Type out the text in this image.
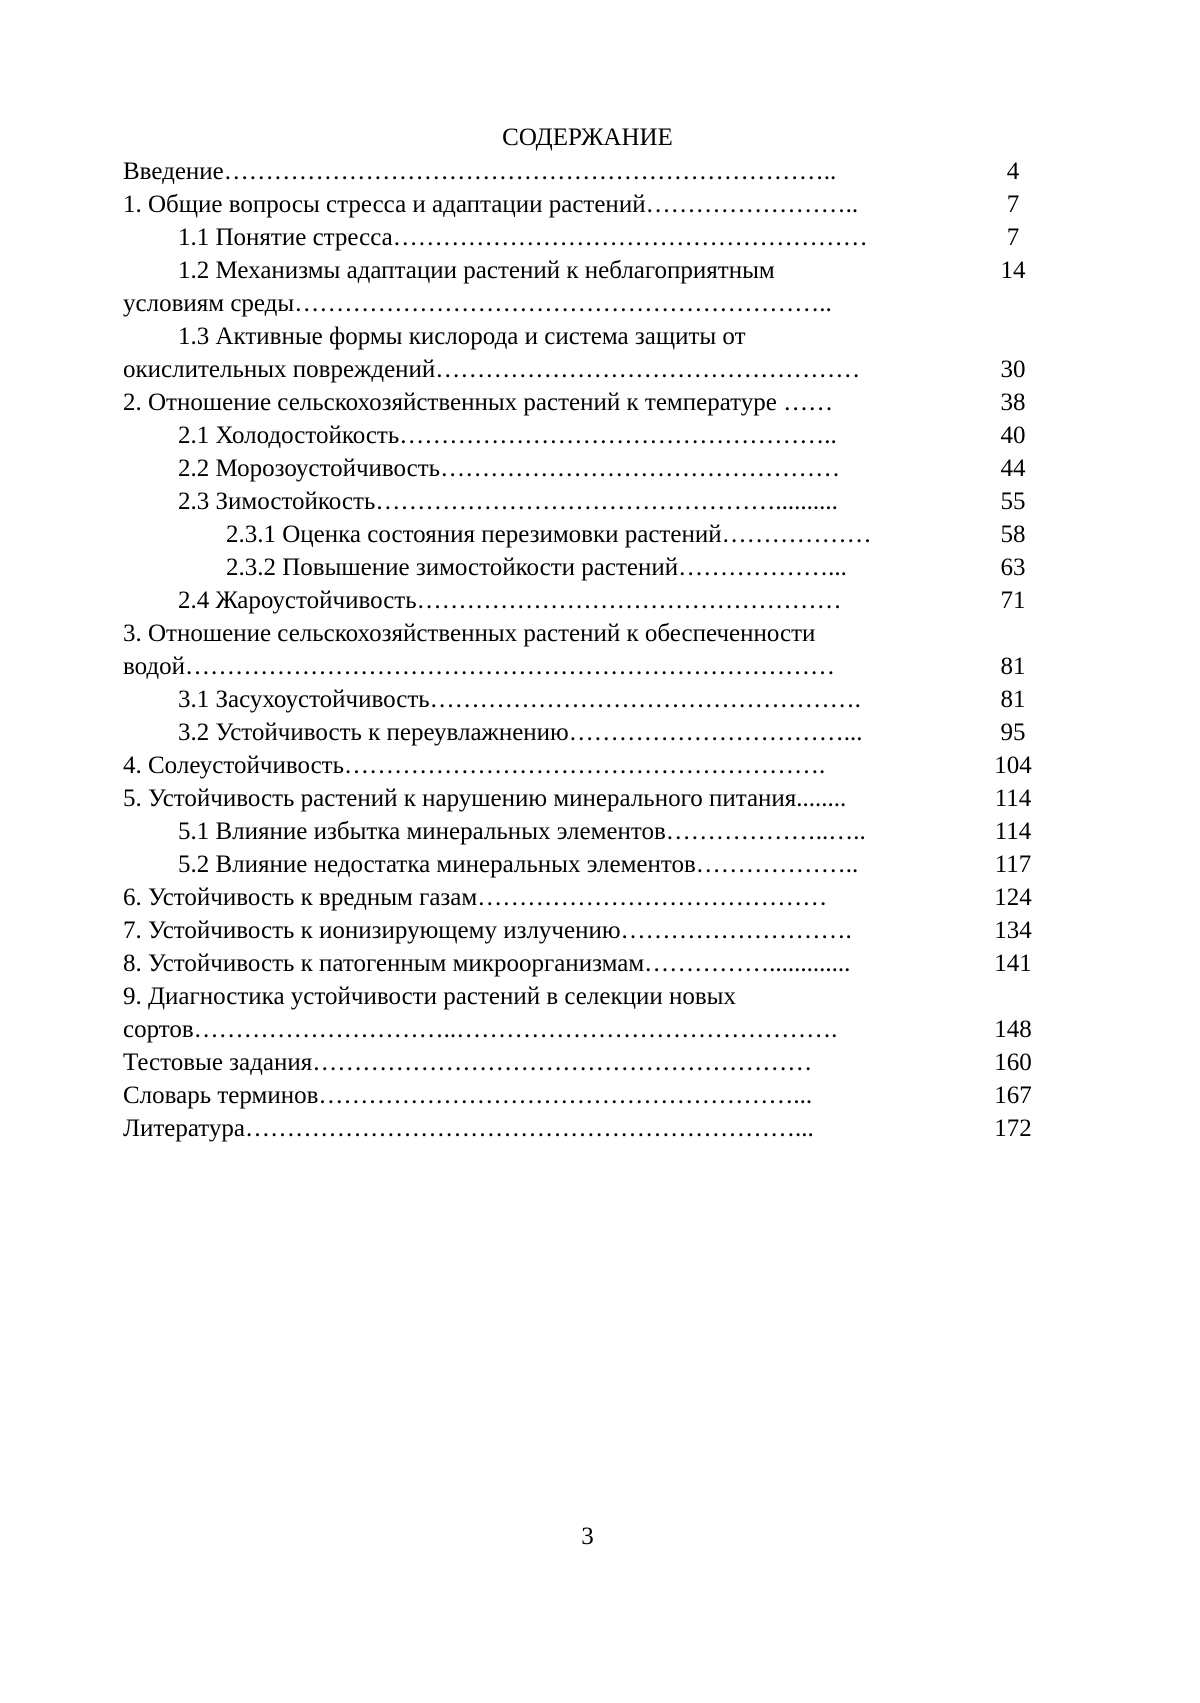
СОДЕРЖАНИЕ
Введение………………………………………………………………..	4
1. Общие вопросы стресса и адаптации растений……………………..	7
1.1 Понятие стресса…………………………………………………	7
1.2 Механизмы адаптации растений к неблагоприятным	14
условиям среды………………………………………………………..
1.3 Активные формы кислорода и система защиты от
окислительных повреждений……………………………………………	30
2. Отношение сельскохозяйственных растений к температуре ……	38
2.1 Холодостойкость……………………………………………..	40
2.2 Морозоустойчивость…………………………………………	44
2.3 Зимостойкость…………………………………………..........	55
2.3.1 Оценка состояния перезимовки растений………………	58
2.3.2 Повышение зимостойкости растений………………...	63
2.4 Жароустойчивость……………………………………………	71
3. Отношение сельскохозяйственных растений к обеспеченности
водой……………………………………………………………………	81
3.1 Засухоустойчивость…………………………………………….	81
3.2 Устойчивость к переувлажнению……………………………...	95
4. Солеустойчивость………………………………………………….	104
5. Устойчивость растений к нарушению минерального питания........	114
5.1 Влияние избытка минеральных элементов………………..…..	114
5.2 Влияние недостатка минеральных элементов………………..	117
6. Устойчивость к вредным газам……………………………………	124
7. Устойчивость к ионизирующему излучению……………………….	134
8. Устойчивость к патогенным микроорганизмам…………….............	141
9. Диагностика устойчивости растений в селекции новых
сортов…………………………..……………………………………….	148
Тестовые задания……………………………………………………	160
Словарь терминов…………………………………………………...	167
Литература…………………………………………………………...	172
3
